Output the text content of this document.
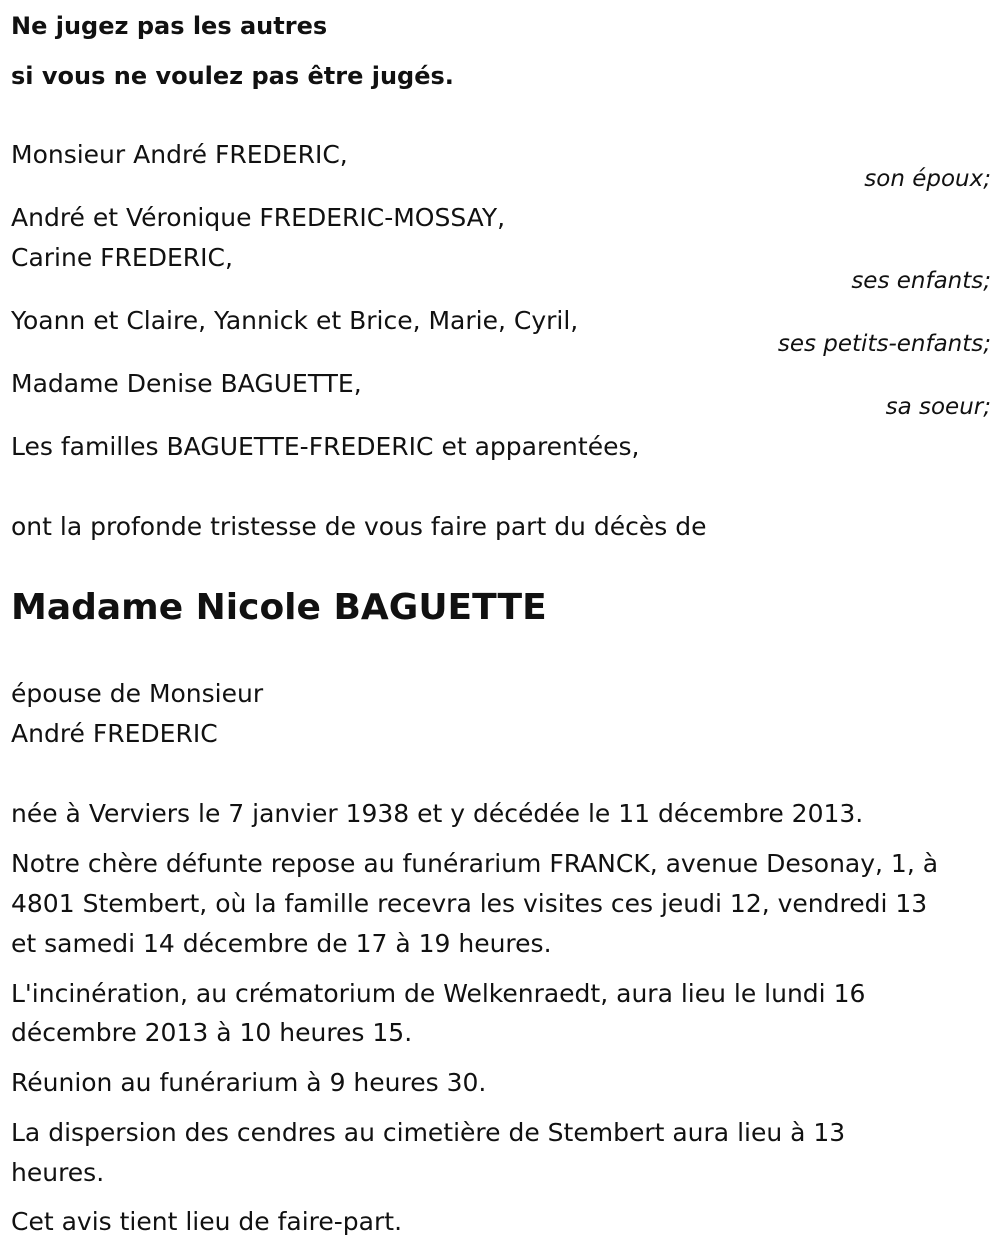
Ne jugez pas les autres
si vous ne voulez pas être jugés.
Monsieur André FREDERIC,
son époux;
André et Véronique FREDERIC-MOSSAY,
Carine FREDERIC,
ses enfants;
Yoann et Claire, Yannick et Brice, Marie, Cyril,
ses petits-enfants;
Madame Denise BAGUETTE,
sa soeur;
Les familles BAGUETTE-FREDERIC et apparentées,
ont la profonde tristesse de vous faire part du décès de
Madame Nicole BAGUETTE
épouse de Monsieur
André FREDERIC
née à Verviers le 7 janvier 1938 et y décédée le 11 décembre 2013.
Notre chère défunte repose au funérarium FRANCK, avenue Desonay, 1, à
4801 Stembert, où la famille recevra les visites ces jeudi 12, vendredi 13
et samedi 14 décembre de 17 à 19 heures.
L'incinération, au crématorium de Welkenraedt, aura lieu le lundi 16
décembre 2013 à 10 heures 15.
Réunion au funérarium à 9 heures 30.
La dispersion des cendres au cimetière de Stembert aura lieu à 13
heures.
Cet avis tient lieu de faire-part.
